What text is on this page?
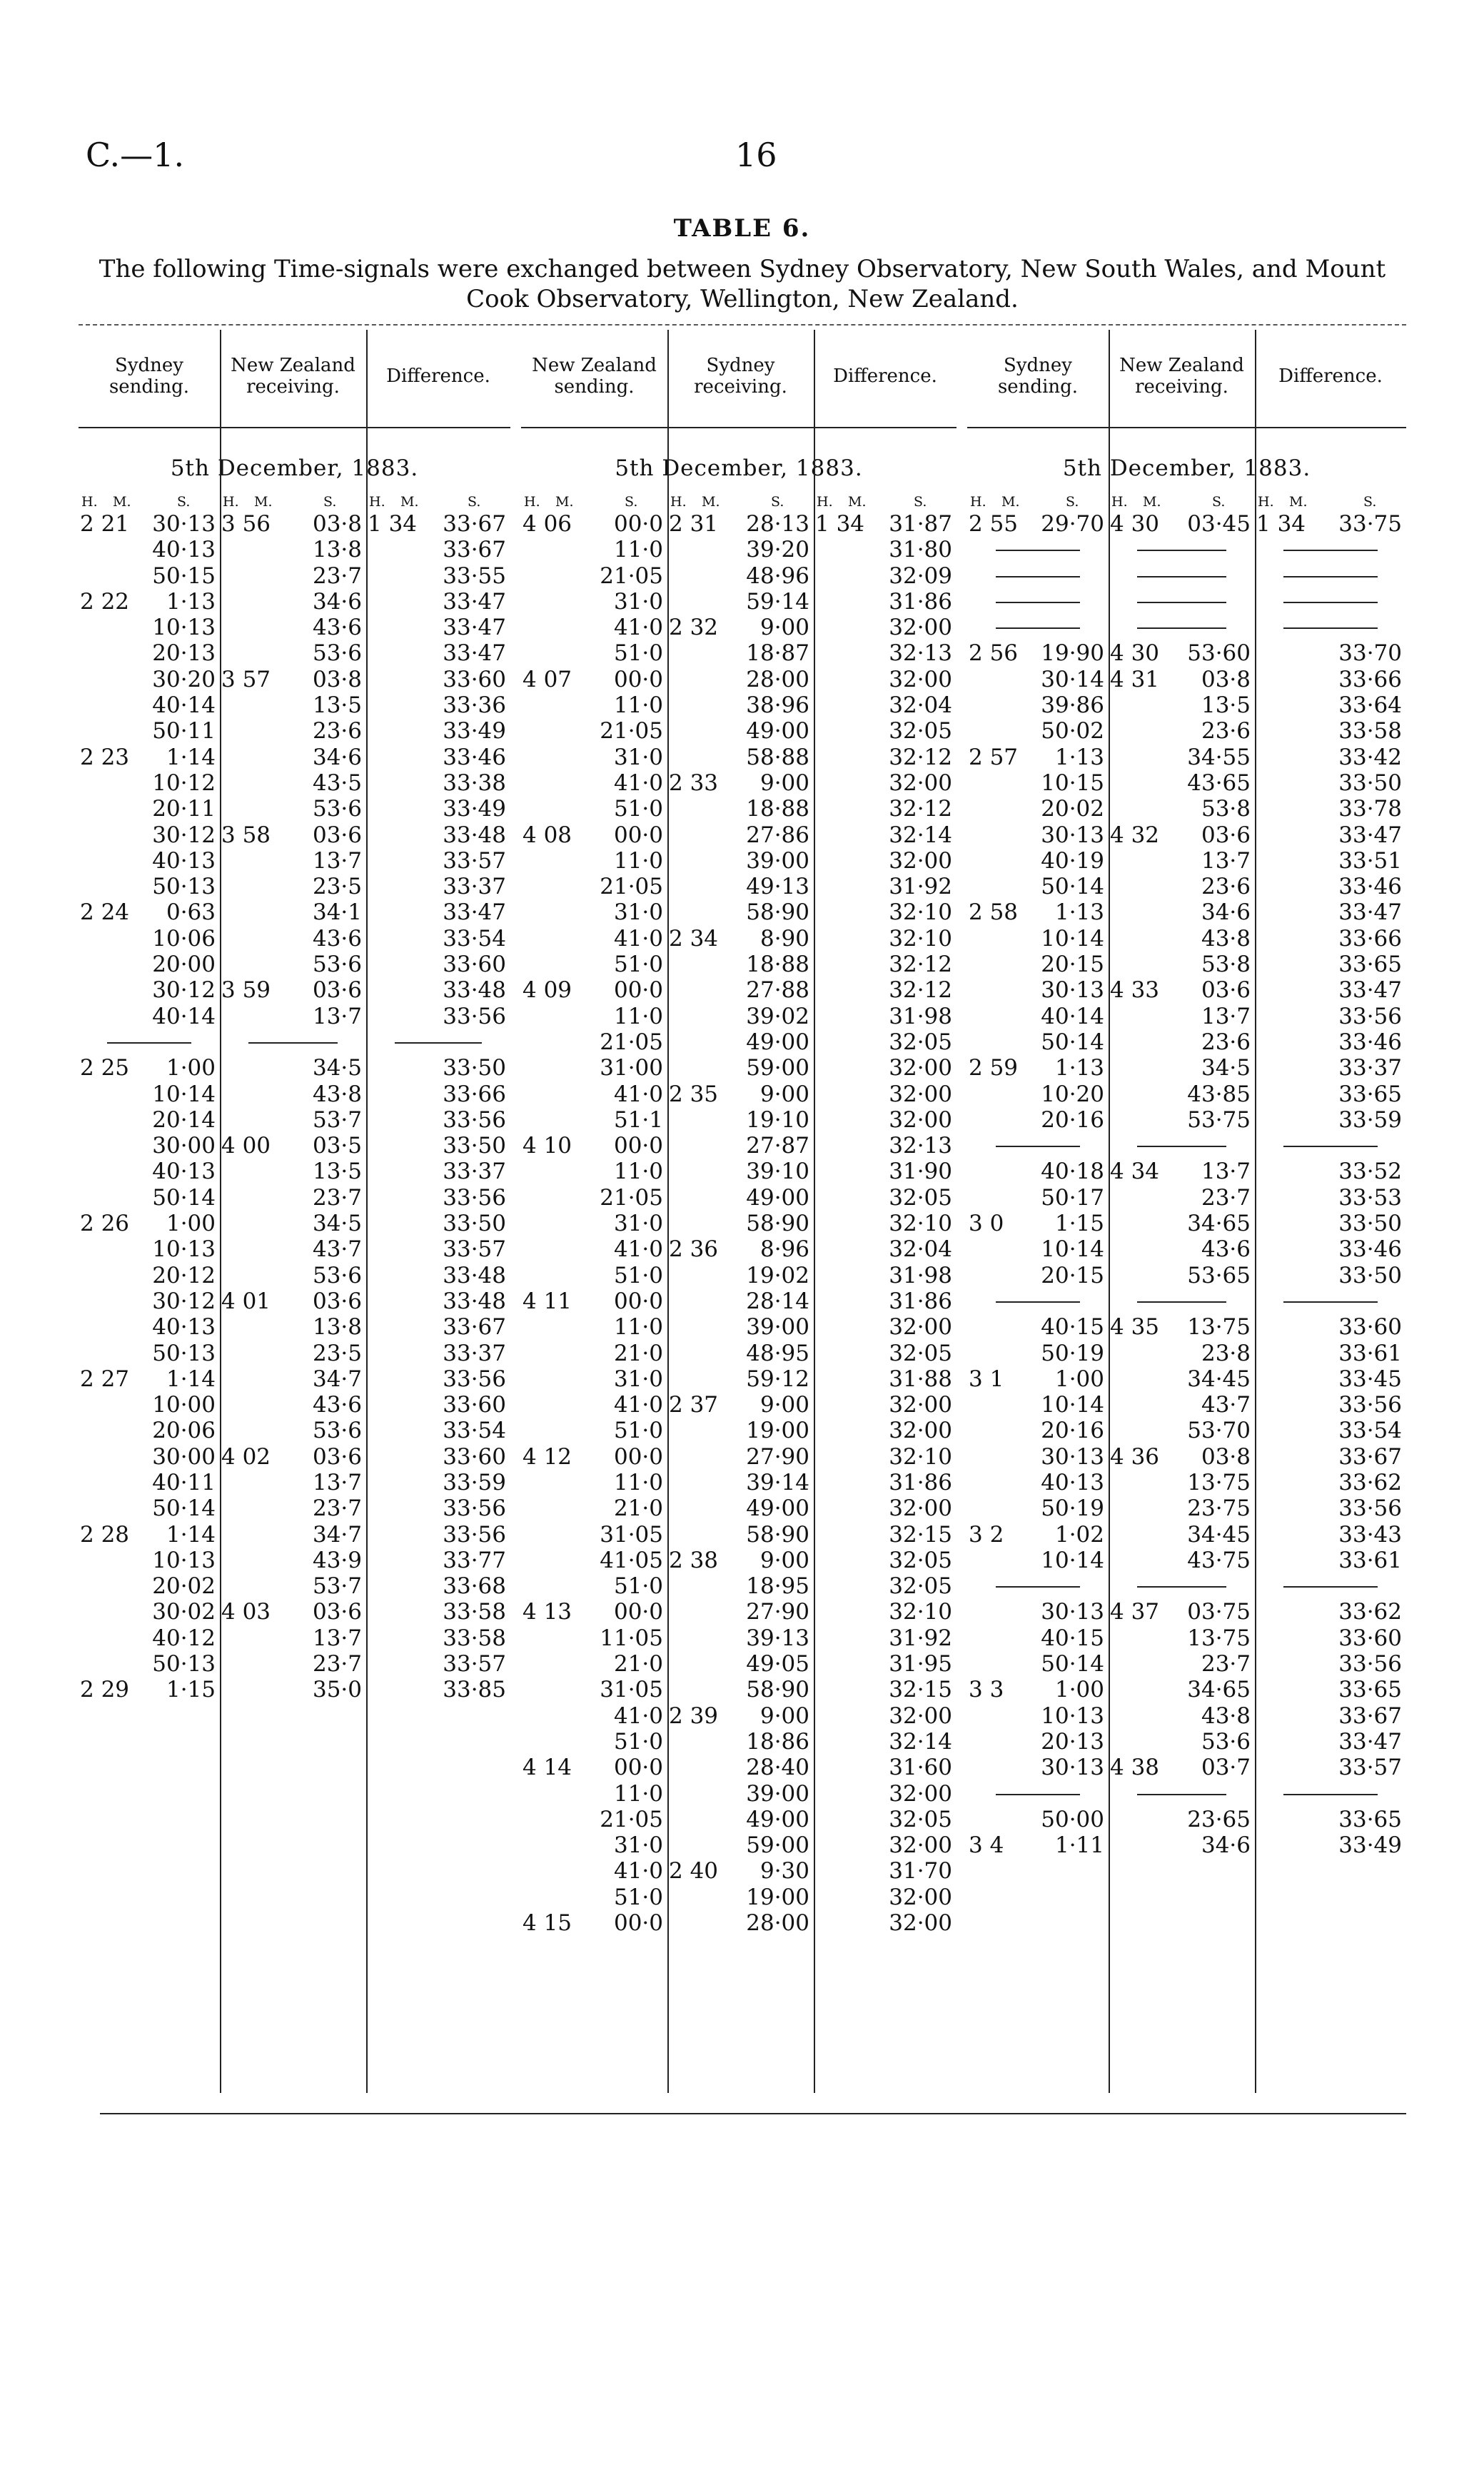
C.—1.	16
TABLE 6.
The following Time-signals were exchanged between Sydney Observatory, New South Wales, and Mount
Cook Observatory, Wellington, New Zealand.
Sydney
sending.
New Zealand
receiving.	Difference.
5th December, 1883.
H. M.	S. H. M.	S. H. M.	S.
2 21 30·13 3 56 03·8 1 34 33·67
40·13	13·8	33·67
50·15	23·7	33·55
2 22 1·13	34·6	33·47
10·13	43·6	33·47
20·13	53·6	33·47
30·20 3 57 03·8	33·60
40·14	13·5	33·36
50·11	23·6	33·49
2 23 1·14	34·6	33·46
10·12	43·5	33·38
20·11	53·6	33·49
30·12 3 58 03·6	33·48
40·13	13·7	33·57
50·13	23·5	33·37
2 24 0·63	34·1	33·47
10·06	43·6	33·54
20·00	53·6	33·60
30·12 3 59 03·6	33·48
40·14	13·7	33·56
2 25 1·00	34·5	33·50
10·14	43·8	33·66
20·14	53·7	33·56
30·00 4 00 03·5	33·50
40·13	13·5	33·37
50·14	23·7	33·56
2 26 1·00	34·5	33·50
10·13	43·7	33·57
20·12	53·6	33·48
30·12 4 01 03·6	33·48
40·13	13·8	33·67
50·13	23·5	33·37
2 27 1·14	34·7	33·56
10·00	43·6	33·60
20·06	53·6	33·54
30·00 4 02 03·6	33·60
40·11	13·7	33·59
50·14	23·7	33·56
2 28 1·14	34·7	33·56
10·13	43·9	33·77
20·02	53·7	33·68
30·02 4 03 03·6	33·58
40·12	13·7	33·58
50·13	23·7	33·57
2 29 1·15	35·0	33·85
New Zealand
sending.
Sydney
receiving.	Difference.
5th December, 1883.
H. M.	S. H. M.	S. H. M.	S.
4 06 00·0 2 31 28·13 1 34 31·87
11·0	39·20	31·80
21·05	48·96	32·09
31·0	59·14	31·86
41·0 2 32 9·00	32·00
51·0	18·87	32·13
4 07 00·0	28·00	32·00
11·0	38·96	32·04
21·05	49·00	32·05
31·0	58·88	32·12
41·0 2 33 9·00	32·00
51·0	18·88	32·12
4 08 00·0	27·86	32·14
11·0	39·00	32·00
21·05	49·13	31·92
31·0	58·90	32·10
41·0 2 34 8·90	32·10
51·0	18·88	32·12
4 09 00·0	27·88	32·12
11·0	39·02	31·98
21·05	49·00	32·05
31·00	59·00	32·00
41·0 2 35 9·00	32·00
51·1	19·10	32·00
4 10 00·0	27·87	32·13
11·0	39·10	31·90
21·05	49·00	32·05
31·0	58·90	32·10
41·0 2 36 8·96	32·04
51·0	19·02	31·98
4 11 00·0	28·14	31·86
11·0	39·00	32·00
21·0	48·95	32·05
31·0	59·12	31·88
41·0 2 37 9·00	32·00
51·0	19·00	32·00
4 12 00·0	27·90	32·10
11·0	39·14	31·86
21·0	49·00	32·00
31·05	58·90	32·15
41·05 2 38 9·00	32·05
51·0	18·95	32·05
4 13 00·0	27·90	32·10
11·05	39·13	31·92
21·0	49·05	31·95
31·05	58·90	32·15
41·0 2 39 9·00	32·00
51·0	18·86	32·14
4 14 00·0	28·40	31·60
11·0	39·00	32·00
21·05	49·00	32·05
31·0	59·00	32·00
41·0 2 40 9·30	31·70
51·0	19·00	32·00
4 15 00·0	28·00	32·00
Sydney
sending.
New Zealand
receiving.	Difference.
5th December, 1883.
H. M.	S. H. M.	S. H. M.	S.
2 55 29·70 4 30 03·45 1 34 33·75
2 56 19·90 4 30 53·60	33·70
30·14 4 31 03·8	33·66
39·86	13·5	33·64
50·02	23·6	33·58
2 57 1·13	34·55	33·42
10·15	43·65	33·50
20·02	53·8	33·78
30·13 4 32 03·6	33·47
40·19	13·7	33·51
50·14	23·6	33·46
2 58 1·13	34·6	33·47
10·14	43·8	33·66
20·15	53·8	33·65
30·13 4 33 03·6	33·47
40·14	13·7	33·56
50·14	23·6	33·46
2 59 1·13	34·5	33·37
10·20	43·85	33·65
20·16	53·75	33·59
40·18 4 34 13·7	33·52
50·17	23·7	33·53
3 0 1·15	34·65	33·50
10·14	43·6	33·46
20·15	53·65	33·50
40·15 4 35 13·75	33·60
50·19	23·8	33·61
3 1 1·00	34·45	33·45
10·14	43·7	33·56
20·16	53·70	33·54
30·13 4 36 03·8	33·67
40·13	13·75	33·62
50·19	23·75	33·56
3 2 1·02	34·45	33·43
10·14	43·75	33·61
30·13 4 37 03·75	33·62
40·15	13·75	33·60
50·14	23·7	33·56
3 3 1·00	34·65	33·65
10·13	43·8	33·67
20·13	53·6	33·47
30·13 4 38 03·7	33·57
50·00	23·65	33·65
3 4 1·11	34·6	33·49
